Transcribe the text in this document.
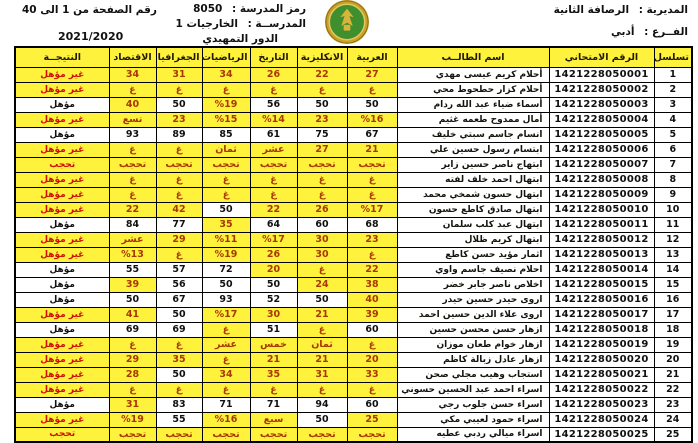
المديرية : الرصافة الثانية
الفــرع : أدبي
رمز المدرسة : 8050
المدرســة : الخارجيات 1
الدور التمهيدي
رقم الصفحة من 1 الى 40
2021/2020
تسلسل	الرقم الامتحاني	اسم الطالــب	العربية	الانكليزية	التاريخ	الرياضيات	الجغرافيا	الاقتصاد	النتيجــة
1	1421228050001	أحلام كريم عيسى مهدي	27	22	26	34	31	34	غير مؤهل
2	1421228050002	أحلام كزار حطحوط محي	غ	غ	غ	غ	غ	غ	غير مؤهل
3	1421228050003	أسماء ضياء عبد الله ردام	50	50	56	%19	50	40	مؤهل
4	1421228050004	أمال ممدوح طعمه غثيم	%16	23	%14	%15	23	تسع	غير مؤهل
5	1421228050005	انسام جاسم سبتي خليف	67	75	61	85	89	93	مؤهل
6	1421228050006	ابتسام رسول حسين علي	21	27	عشر	ثمان	غ	غ	غير مؤهل
7	1421228050007	ابتهاج ناصر حسين زاير	تحجب	تحجب	تحجب	تحجب	تحجب	تحجب	تحجب
8	1421228050008	ابتهال احمد خلف لفته	غ	غ	غ	غ	غ	غ	غير مؤهل
9	1421228050009	ابتهال حسون شمخي محمد	غ	غ	غ	غ	غ	غ	غير مؤهل
10	1421228050010	ابتهال صادق كاطع حسون	%17	26	22	50	42	22	غير مؤهل
11	1421228050011	ابتهال عبد كلب سلمان	68	60	64	35	77	84	مؤهل
12	1421228050012	ابتهال كريم ظلال	23	30	%17	%11	29	عشر	غير مؤهل
13	1421228050013	اثمار مؤيد حسن كاطع	غ	30	26	%19	غ	%13	غير مؤهل
14	1421228050014	احلام نصيف جاسم واوي	22	غ	20	72	57	55	مؤهل
15	1421228050015	اخلاص ناصر جابر خضر	38	24	50	50	56	39	مؤهل
16	1421228050016	اروى حيدر حسين حيدر	40	50	52	93	67	50	مؤهل
17	1421228050017	اروى علاء الدين حسين احمد	39	21	30	%17	50	41	غير مؤهل
18	1421228050018	ازهار حسن محسن حسين	60	غ	51	غ	69	69	مؤهل
19	1421228050019	ازهار خوام طعان موزان	غ	ثمان	خمس	عشر	غ	غ	غير مؤهل
20	1421228050020	ازهار عادل زبالة كاظم	20	21	21	غ	35	29	غير مؤهل
21	1421228050021	استجاب وهيب مجلي صحن	33	31	35	34	50	28	غير مؤهل
22	1421228050022	اسراء احمد عبد الحسين حسوني	غ	غ	غ	غ	غ	غ	غير مؤهل
23	1421228050023	اسراء حسن جلوب رجي	60	94	71	71	83	31	مؤهل
24	1421228050024	اسراء حمود لعيبي مكي	25	50	سبع	%16	55	%19	غير مؤهل
25	1421228050025	اسراء ميالي ردبي عطيه	تحجب	تحجب	تحجب	تحجب	تحجب	تحجب	تحجب
